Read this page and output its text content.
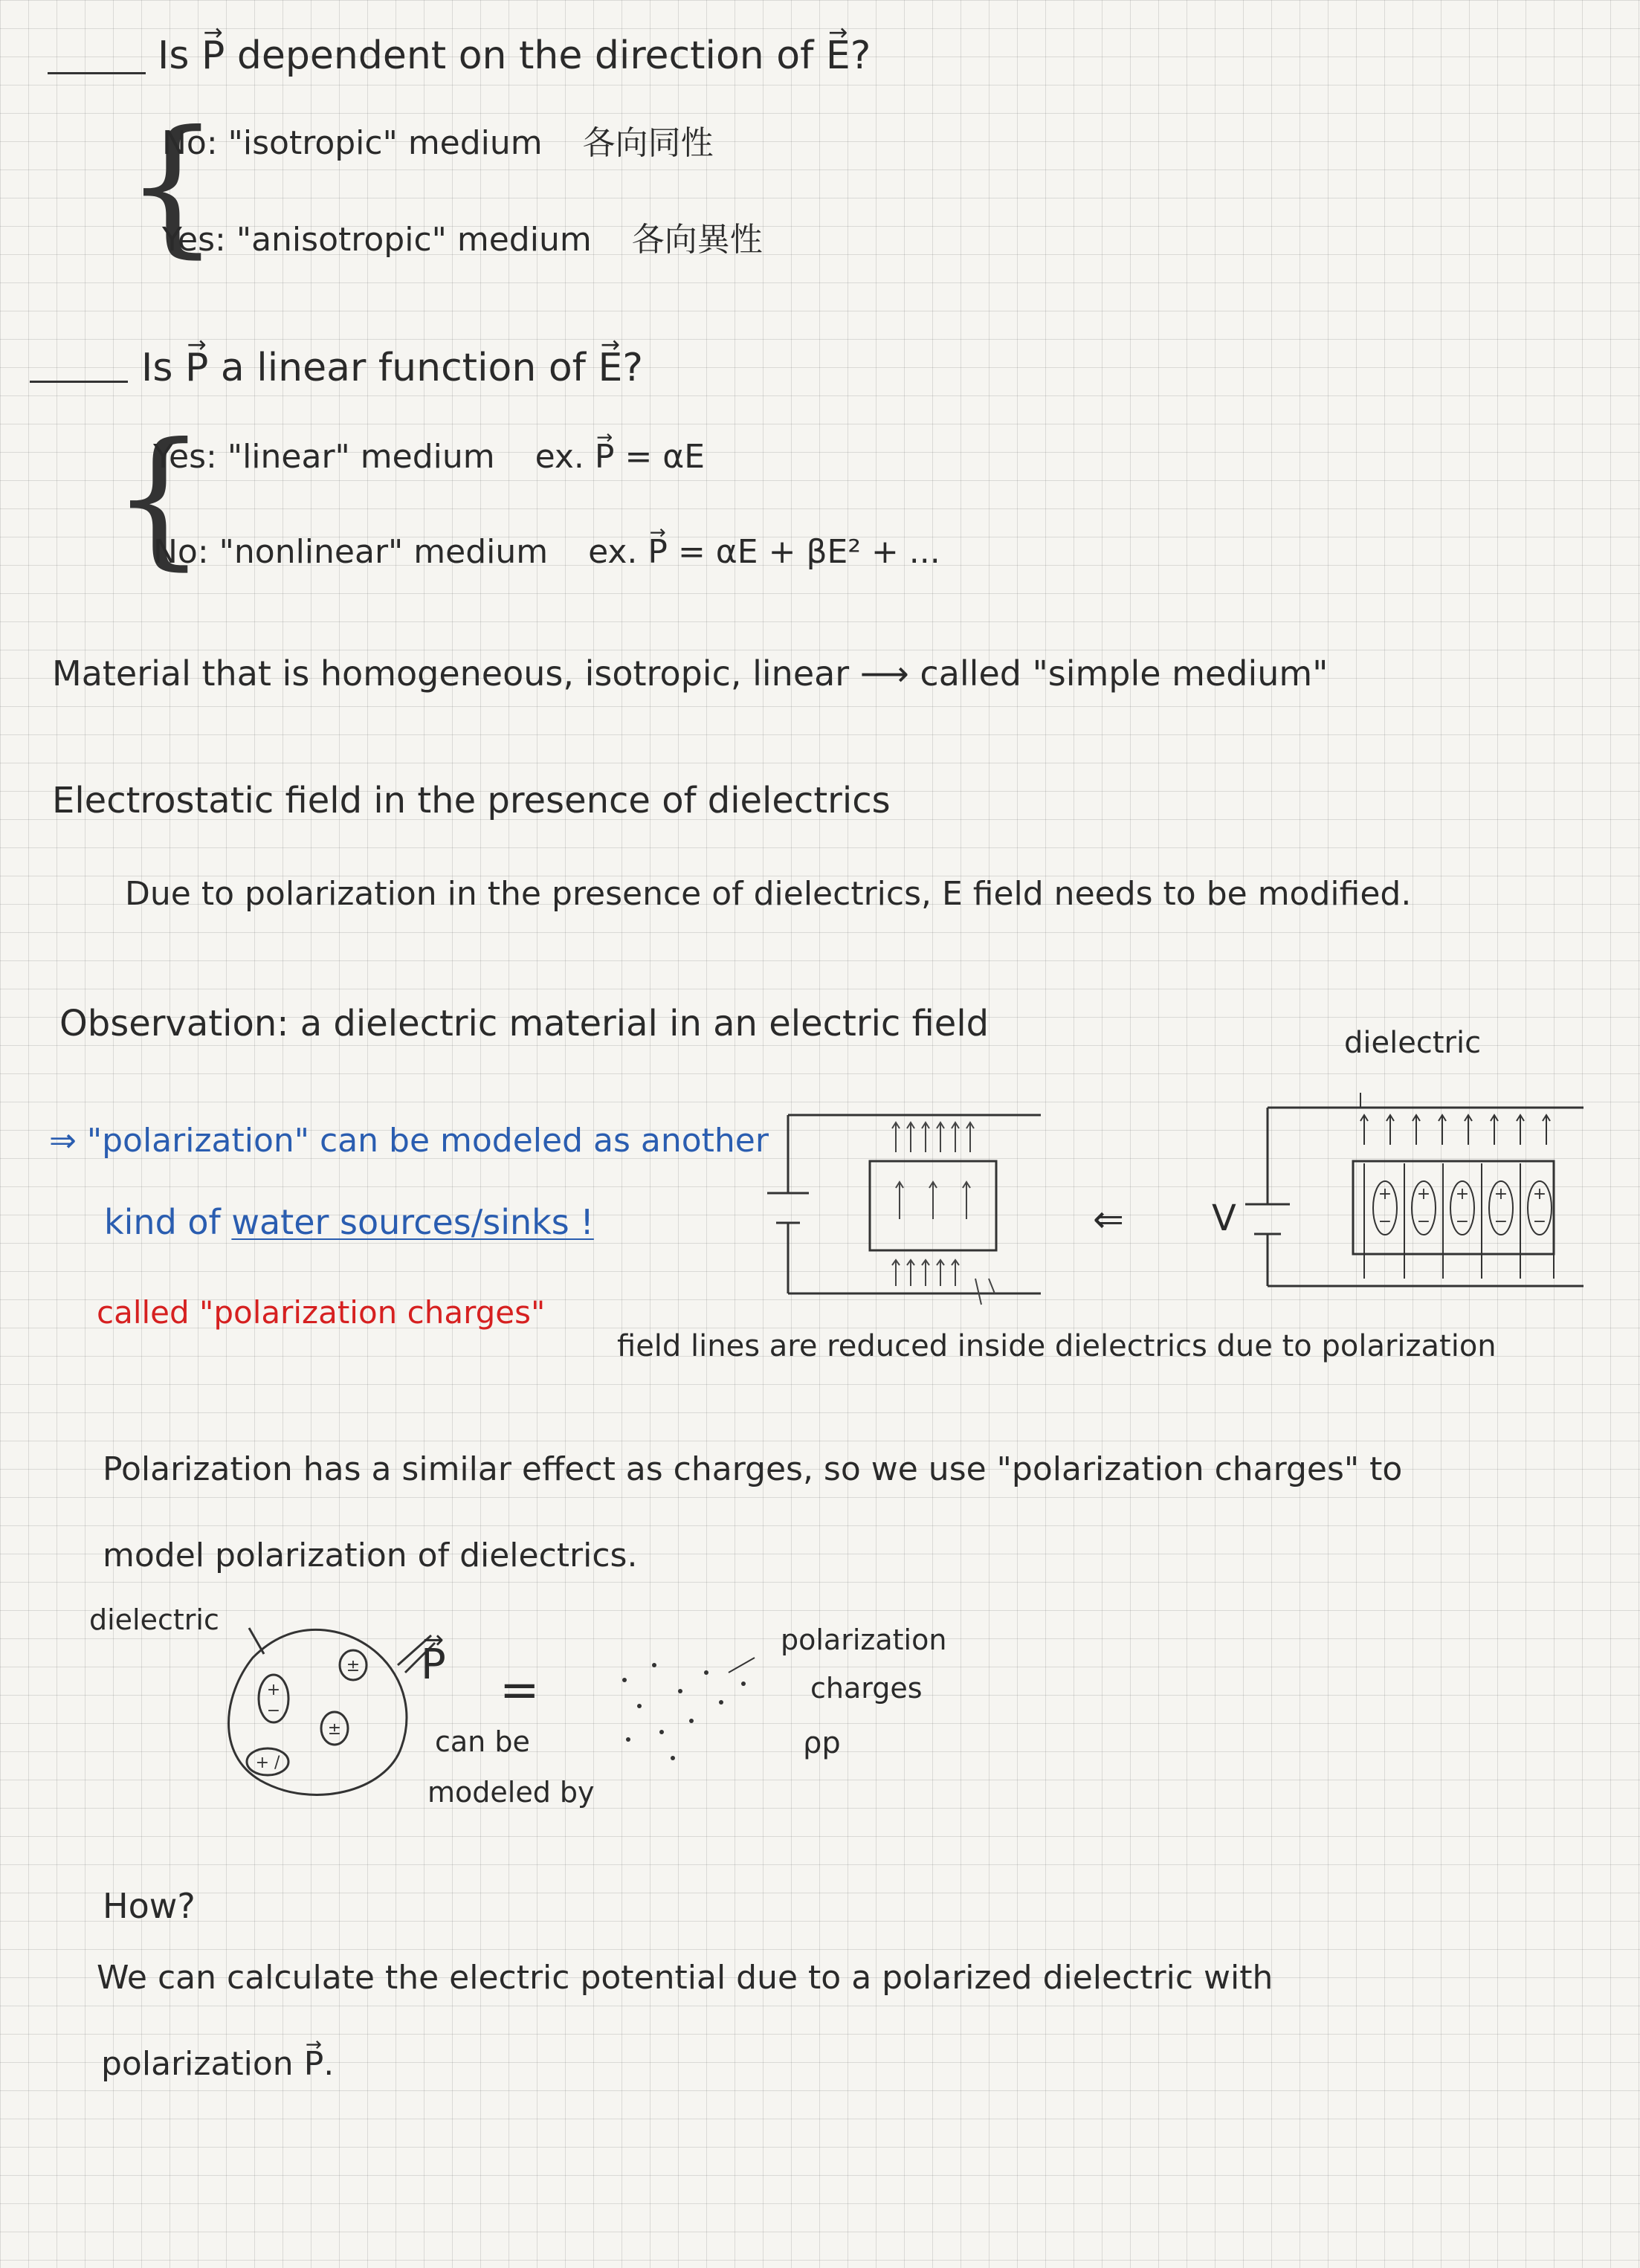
Is → P dependent on the direction of → E?
{
No: "isotropic" medium 各向同性
Yes: "anisotropic" medium 各向異性
Is → P a linear function of → E?
{
Yes: "linear" medium ex. → P = αE
No: "nonlinear" medium ex. → P = αE + βE² + ...
Material that is homogeneous, isotropic, linear ⟶ called "simple medium"
Electrostatic field in the presence of dielectrics
Due to polarization in the presence of dielectrics, E field needs to be modified.
Observation: a dielectric material in an electric field	dielectric
⇐ V
+
−
+
−
+
−
+
−
+
−
⇒ "polarization" can be modeled as another
kind of water sources/sinks !
called "polarization charges"
field lines are reduced inside dielectrics due to polarization
Polarization has a similar effect as charges, so we use "polarization charges" to
model polarization of dielectrics.
dielectric
+
−
±
±
+ /
→ P =
can be
modeled by
polarization
charges
ρp
How?
We can calculate the electric potential due to a polarized dielectric with
polarization → P.
